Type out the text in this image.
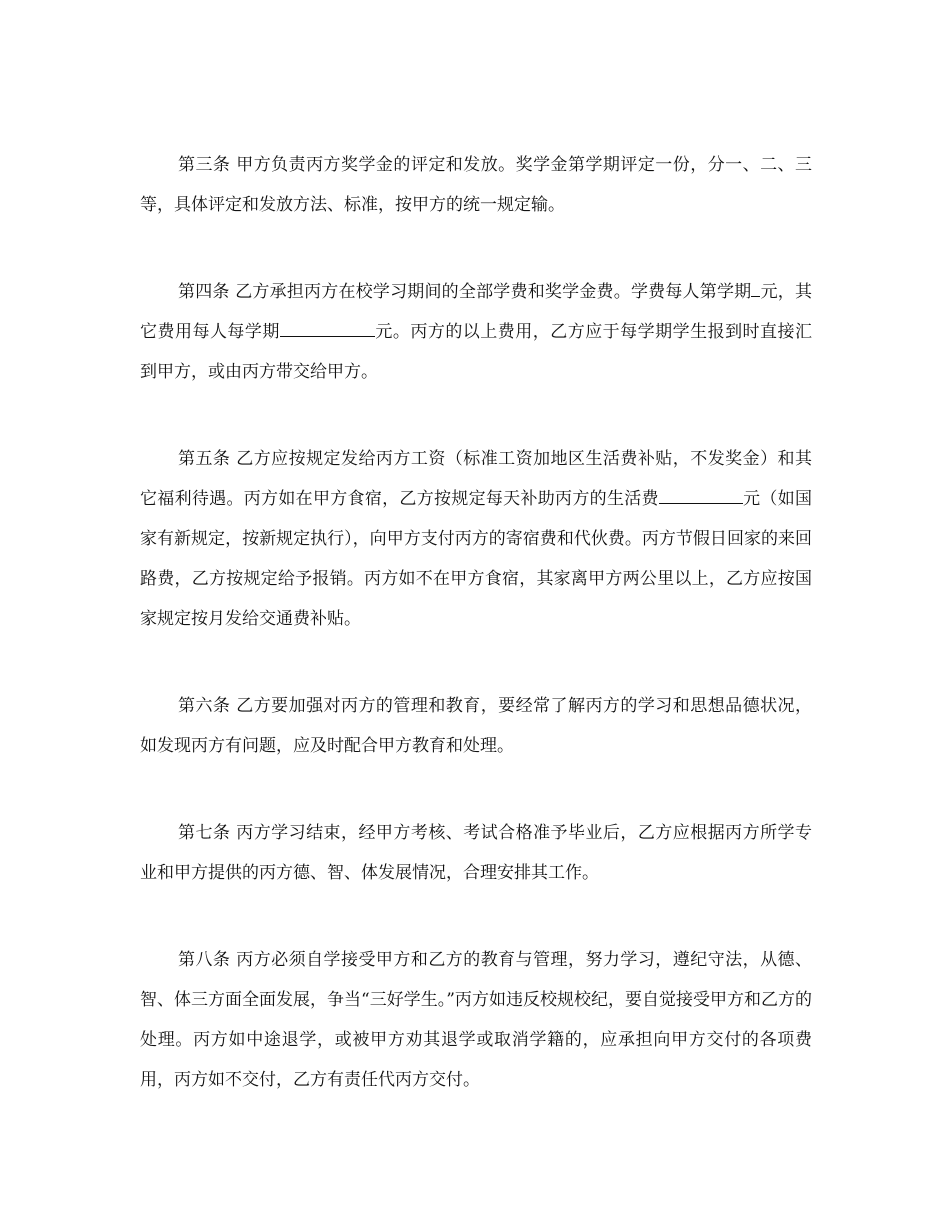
第三条 甲方负责丙方奖学金的评定和发放。奖学金第学期评定一份，分一、二、三等，具体评定和发放方法、标准，按甲方的统一规定输。

第四条 乙方承担丙方在校学习期间的全部学费和奖学金费。学费每人第学期 元，其它费用每人每学期	元。丙方的以上费用，乙方应于每学期学生报到时直接汇到甲方，或由丙方带交给甲方。

第五条 乙方应按规定发给丙方工资（标准工资加地区生活费补贴，不发奖金）和其它福利待遇。丙方如在甲方食宿，乙方按规定每天补助丙方的生活费	元（如国家有新规定，按新规定执行），向甲方支付丙方的寄宿费和代伙费。丙方节假日回家的来回路费，乙方按规定给予报销。丙方如不在甲方食宿，其家离甲方两公里以上，乙方应按国家规定按月发给交通费补贴。

第六条 乙方要加强对丙方的管理和教育，要经常了解丙方的学习和思想品德状况，如发现丙方有问题，应及时配合甲方教育和处理。

第七条 丙方学习结束，经甲方考核、考试合格准予毕业后，乙方应根据丙方所学专业和甲方提供的丙方德、智、体发展情况，合理安排其工作。

第八条 丙方必须自学接受甲方和乙方的教育与管理，努力学习，遵纪守法，从德、智、体三方面全面发展，争当“三好学生。”丙方如违反校规校纪，要自觉接受甲方和乙方的处理。丙方如中途退学，或被甲方劝其退学或取消学籍的，应承担向甲方交付的各项费用，丙方如不交付，乙方有责任代丙方交付。
